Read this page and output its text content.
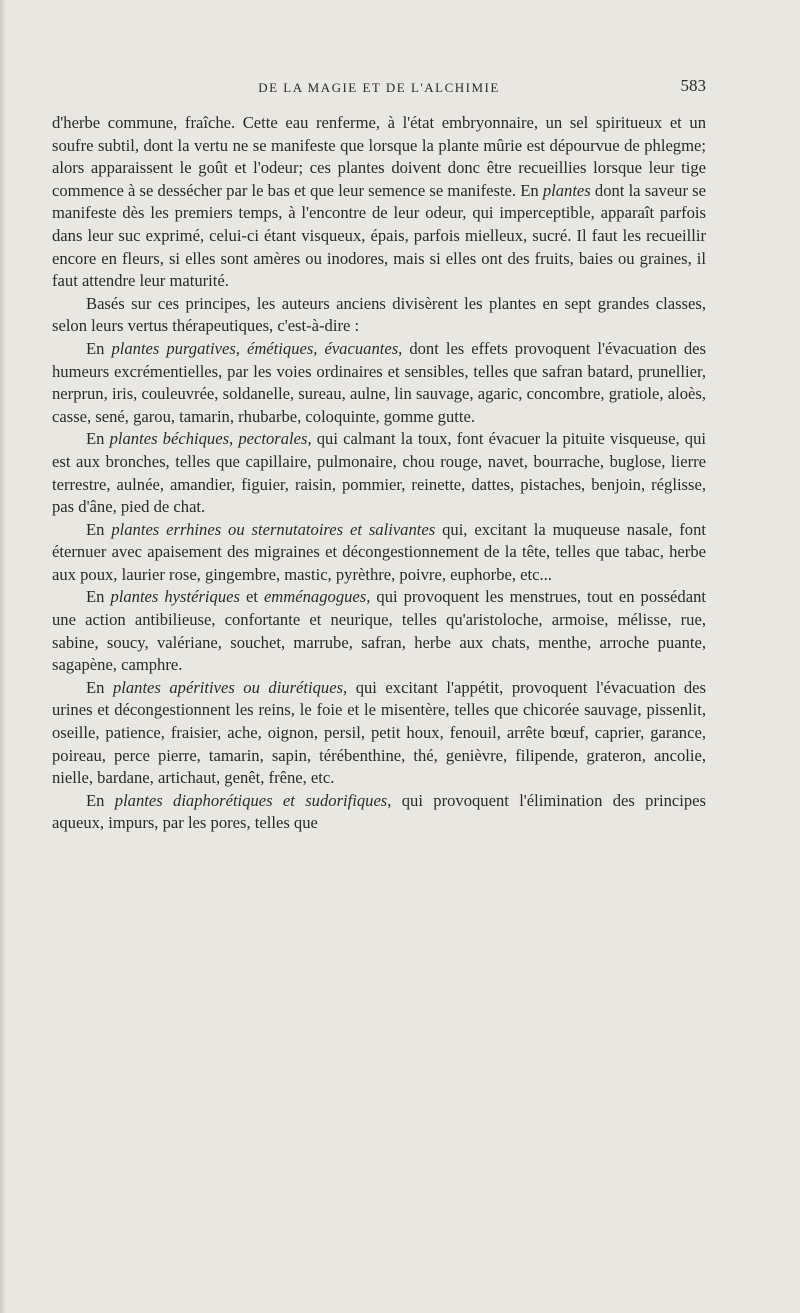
DE LA MAGIE ET DE L'ALCHIMIE	583

d'herbe commune, fraîche. Cette eau renferme, à l'état embryonnaire, un sel spiritueux et un soufre subtil, dont la vertu ne se manifeste que lorsque la plante mûrie est dépourvue de phlegme; alors apparaissent le goût et l'odeur; ces plantes doivent donc être recueillies lorsque leur tige commence à se dessécher par le bas et que leur semence se manifeste. En plantes dont la saveur se manifeste dès les premiers temps, à l'encontre de leur odeur, qui imperceptible, apparaît parfois dans leur suc exprimé, celui-ci étant visqueux, épais, parfois mielleux, sucré. Il faut les recueillir encore en fleurs, si elles sont amères ou inodores, mais si elles ont des fruits, baies ou graines, il faut attendre leur maturité.

Basés sur ces principes, les auteurs anciens divisèrent les plantes en sept grandes classes, selon leurs vertus thérapeutiques, c'est-à-dire :

En plantes purgatives, émétiques, évacuantes, dont les effets provoquent l'évacuation des humeurs excrémentielles, par les voies ordinaires et sensibles, telles que safran batard, prunellier, nerprun, iris, couleuvrée, soldanelle, sureau, aulne, lin sauvage, agaric, concombre, gratiole, aloès, casse, sené, garou, tamarin, rhubarbe, coloquinte, gomme gutte.

En plantes béchiques, pectorales, qui calmant la toux, font évacuer la pituite visqueuse, qui est aux bronches, telles que capillaire, pulmonaire, chou rouge, navet, bourrache, buglose, lierre terrestre, aulnée, amandier, figuier, raisin, pommier, reinette, dattes, pistaches, benjoin, réglisse, pas d'âne, pied de chat.

En plantes errhines ou sternutatoires et salivantes qui, excitant la muqueuse nasale, font éternuer avec apaisement des migraines et décongestionnement de la tête, telles que tabac, herbe aux poux, laurier rose, gingembre, mastic, pyrèthre, poivre, euphorbe, etc...

En plantes hystériques et emménagogues, qui provoquent les menstrues, tout en possédant une action antibilieuse, confortante et neurique, telles qu'aristoloche, armoise, mélisse, rue, sabine, soucy, valériane, souchet, marrube, safran, herbe aux chats, menthe, arroche puante, sagapène, camphre.

En plantes apéritives ou diurétiques, qui excitant l'appétit, provoquent l'évacuation des urines et décongestionnent les reins, le foie et le misentère, telles que chicorée sauvage, pissenlit, oseille, patience, fraisier, ache, oignon, persil, petit houx, fenouil, arrête bœuf, caprier, garance, poireau, perce pierre, tamarin, sapin, térébenthine, thé, genièvre, filipende, grateron, ancolie, nielle, bardane, artichaut, genêt, frêne, etc.

En plantes diaphorétiques et sudorifiques, qui provoquent l'élimination des principes aqueux, impurs, par les pores, telles que
